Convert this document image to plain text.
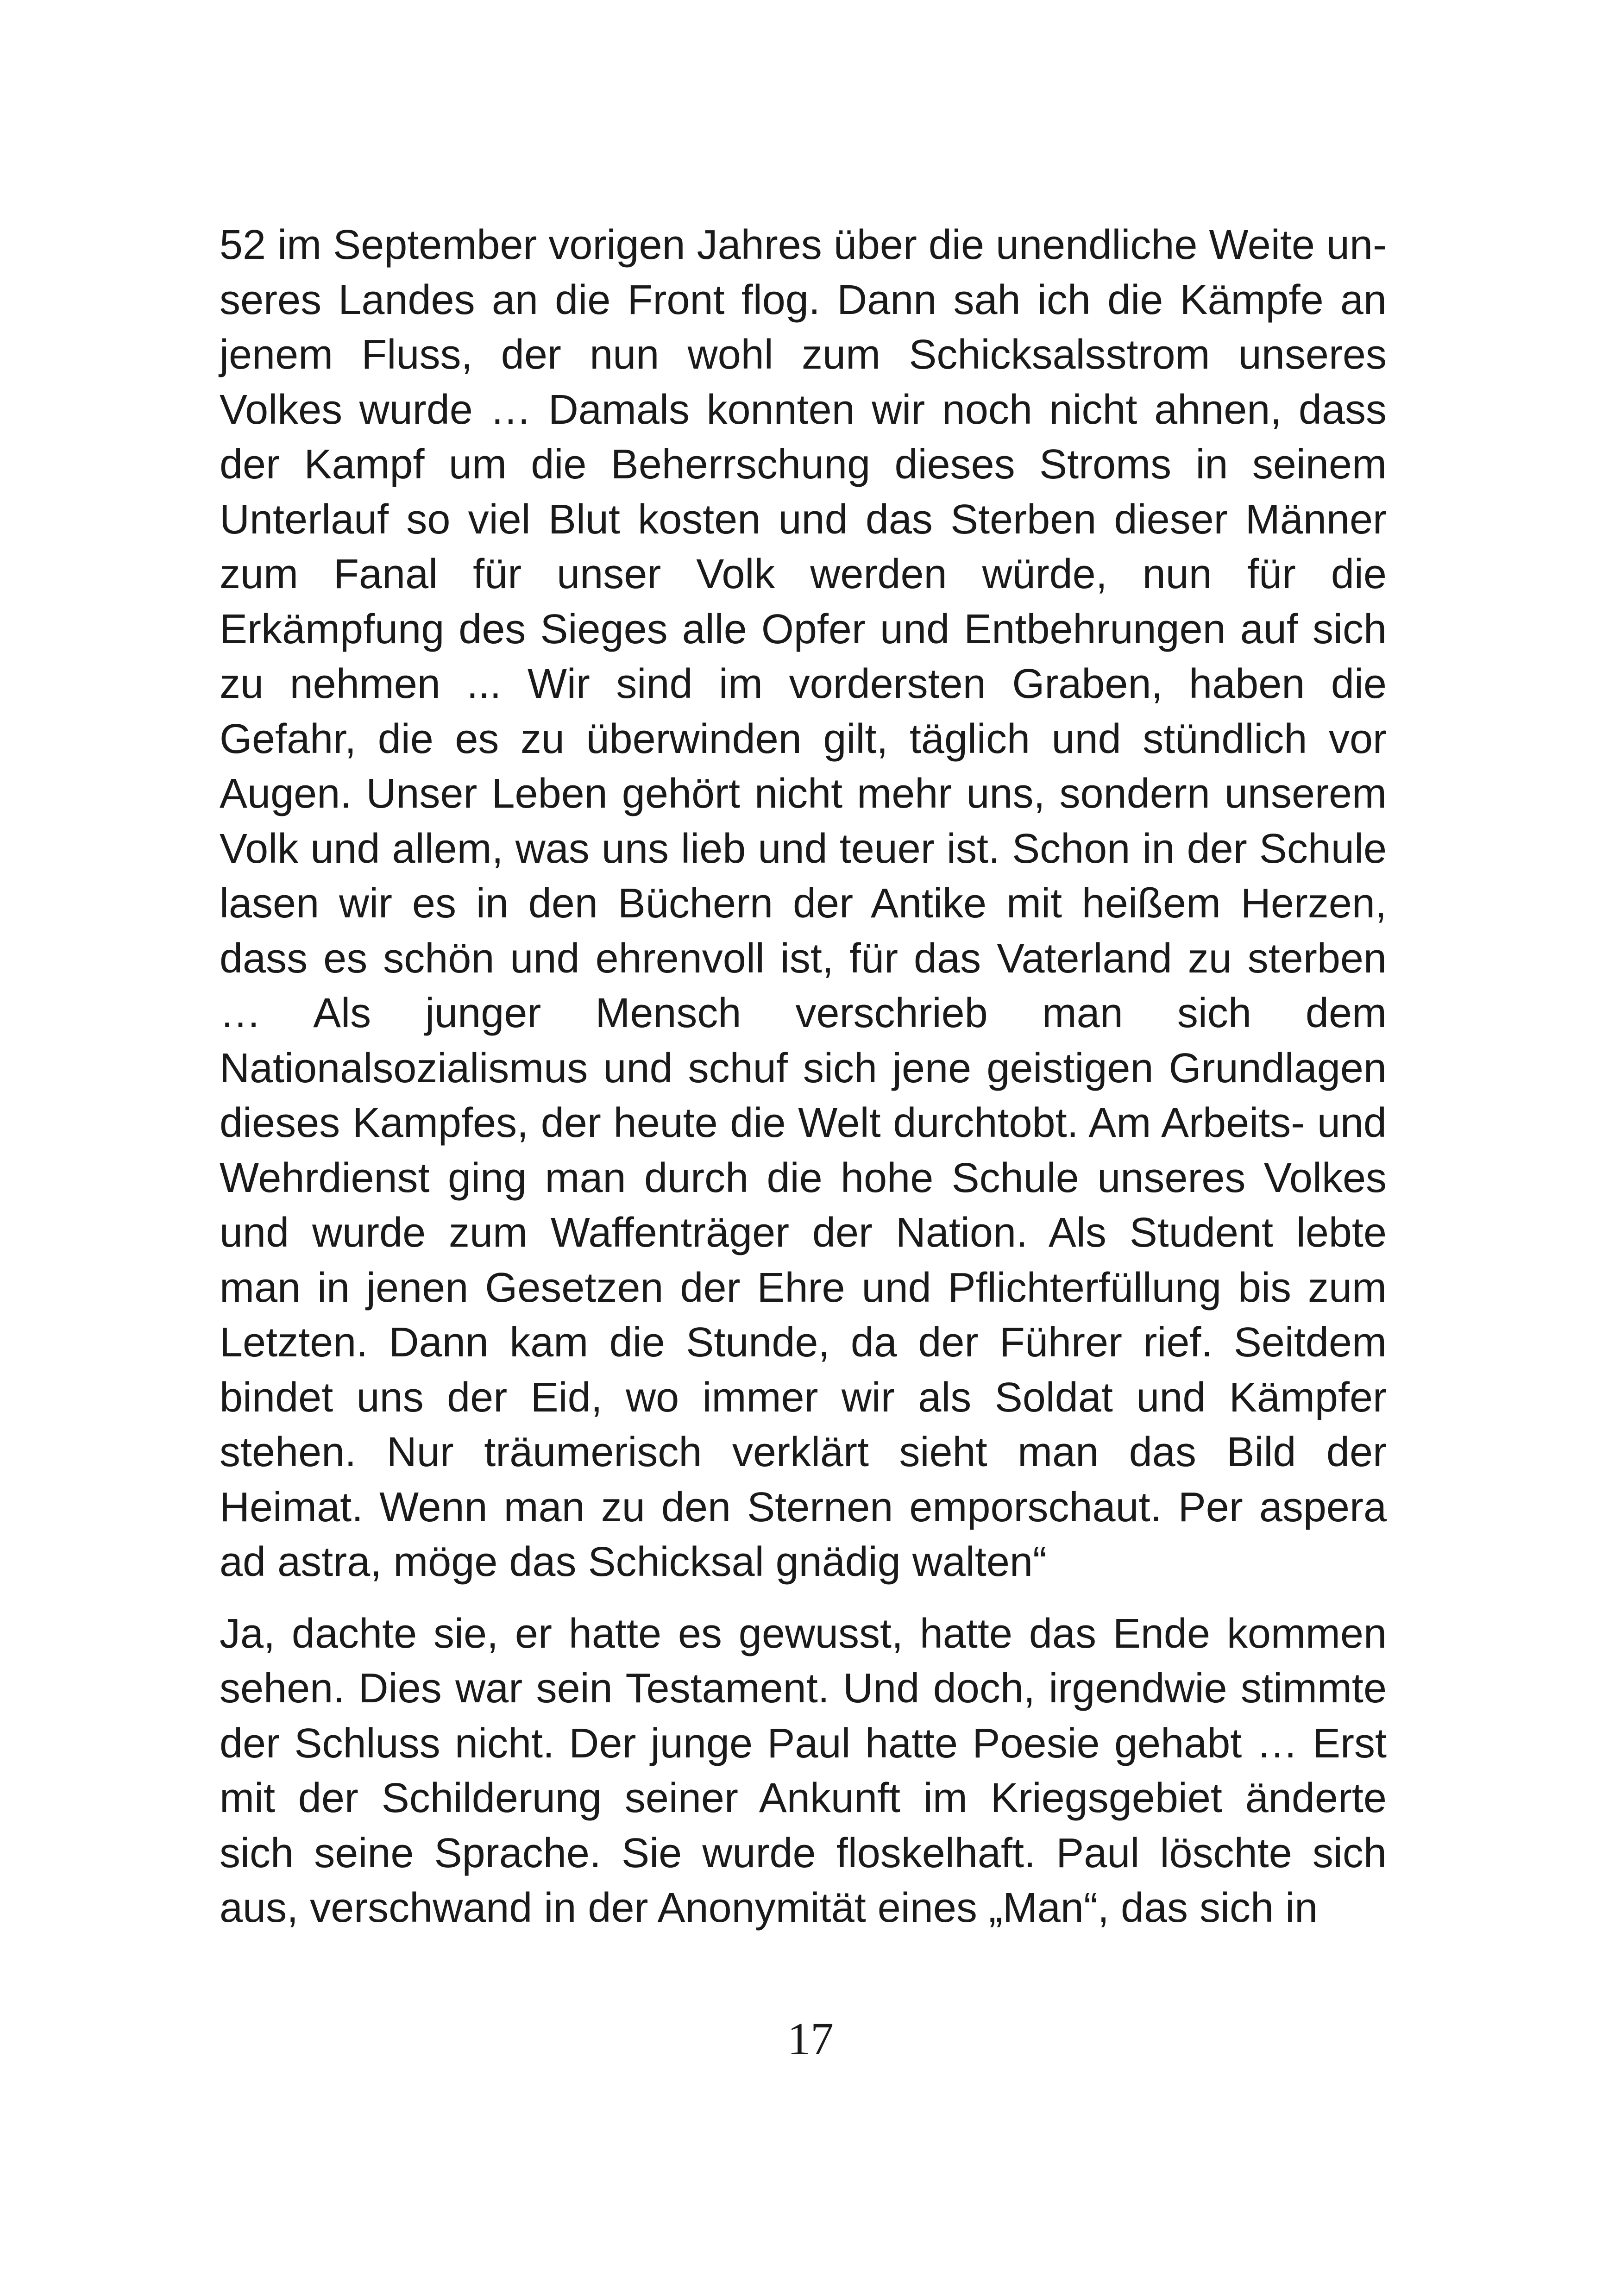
52 im September vorigen Jahres über die unendliche Weite unseres Landes an die Front flog. Dann sah ich die Kämpfe an jenem Fluss, der nun wohl zum Schicksalsstrom unseres Volkes wurde … Damals konnten wir noch nicht ahnen, dass der Kampf um die Beherrschung dieses Stroms in seinem Unterlauf so viel Blut kosten und das Sterben dieser Männer zum Fanal für unser Volk werden würde, nun für die Erkämpfung des Sieges alle Opfer und Entbehrungen auf sich zu nehmen ... Wir sind im vordersten Graben, haben die Gefahr, die es zu überwinden gilt, täglich und stündlich vor Augen. Unser Leben gehört nicht mehr uns, sondern unserem Volk und allem, was uns lieb und teuer ist. Schon in der Schule lasen wir es in den Büchern der Antike mit heißem Herzen, dass es schön und ehrenvoll ist, für das Vaterland zu sterben … Als junger Mensch verschrieb man sich dem Nationalsozialismus und schuf sich jene geistigen Grundlagen dieses Kampfes, der heute die Welt durchtobt. Am Arbeits- und Wehrdienst ging man durch die hohe Schule unseres Volkes und wurde zum Waffenträger der Nation. Als Student lebte man in jenen Gesetzen der Ehre und Pflichterfüllung bis zum Letzten. Dann kam die Stunde, da der Führer rief. Seitdem bindet uns der Eid, wo immer wir als Soldat und Kämpfer stehen. Nur träumerisch verklärt sieht man das Bild der Heimat. Wenn man zu den Sternen emporschaut. Per aspera ad astra, möge das Schicksal gnädig walten“

Ja, dachte sie, er hatte es gewusst, hatte das Ende kommen sehen. Dies war sein Testament. Und doch, irgendwie stimmte der Schluss nicht. Der junge Paul hatte Poesie gehabt … Erst mit der Schilderung seiner Ankunft im Kriegsgebiet änderte sich seine Sprache. Sie wurde floskelhaft. Paul löschte sich aus, verschwand in der Anonymität eines „Man“, das sich in

17
